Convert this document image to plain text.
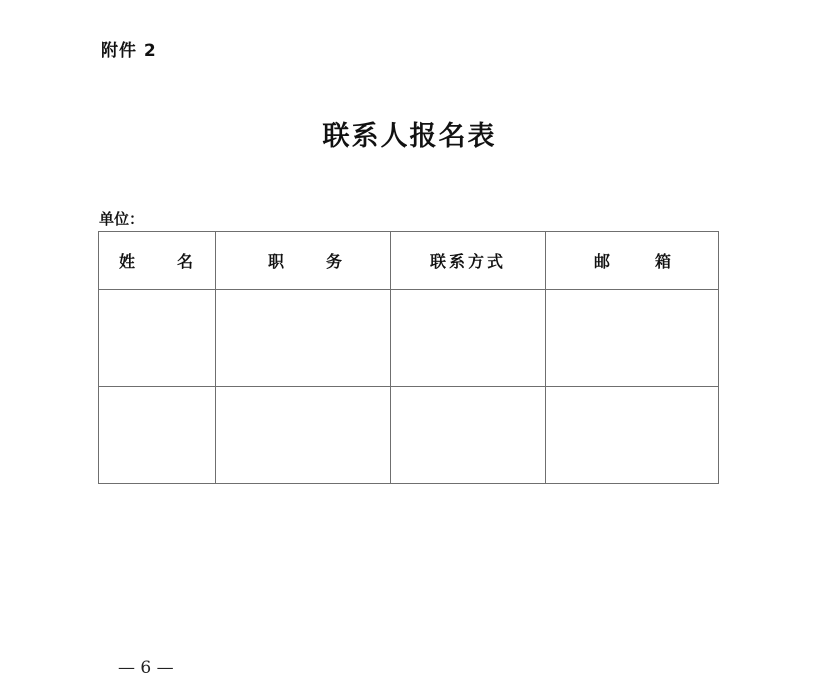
附件 2
联系人报名表
单位：
姓 名	职 务	联系方式	邮 箱

— 6 —
